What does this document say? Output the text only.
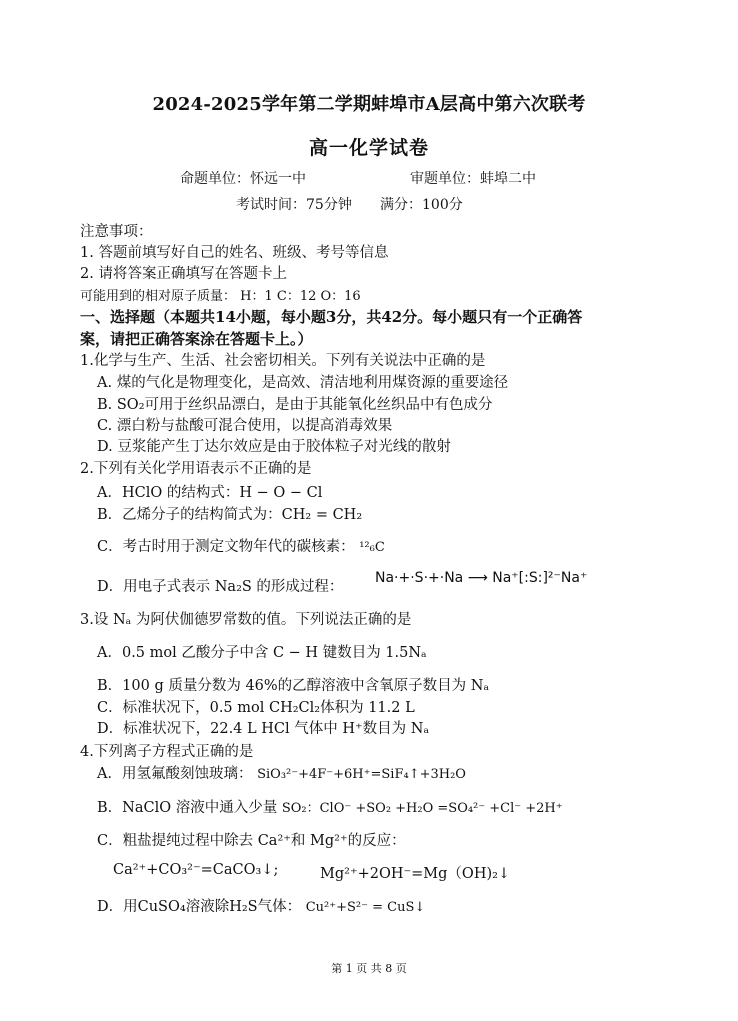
2024-2025学年第二学期蚌埠市A层高中第六次联考
高一化学试卷
命题单位：怀远一中	审题单位：蚌埠二中
考试时间：75分钟 满分：100分
注意事项：
1. 答题前填写好自己的姓名、班级、考号等信息
2. 请将答案正确填写在答题卡上
可能用到的相对原子质量： H：1 C：12 O：16
一、选择题（本题共14小题，每小题3分，共42分。每小题只有一个正确答
案，请把正确答案涂在答题卡上。）
1.化学与生产、生活、社会密切相关。下列有关说法中正确的是
A. 煤的气化是物理变化，是高效、清洁地利用煤资源的重要途径
B. SO₂可用于丝织品漂白，是由于其能氧化丝织品中有色成分
C. 漂白粉与盐酸可混合使用，以提高消毒效果
D. 豆浆能产生丁达尔效应是由于胶体粒子对光线的散射
2.下列有关化学用语表示不正确的是
A．HClO 的结构式：H − O − Cl
B．乙烯分子的结构简式为：CH₂ = CH₂
C．考古时用于测定文物年代的碳核素： ¹²₆C
D．用电子式表示 Na₂S 的形成过程：
Na·+·S·+·Na ⟶ Na⁺[:S:]²⁻Na⁺
3.设 Nₐ 为阿伏伽德罗常数的值。下列说法正确的是
A．0.5 mol 乙酸分子中含 C − H 键数目为 1.5Nₐ
B．100 g 质量分数为 46%的乙醇溶液中含氧原子数目为 Nₐ
C．标准状况下，0.5 mol CH₂Cl₂体积为 11.2 L
D．标准状况下，22.4 L HCl 气体中 H⁺数目为 Nₐ
4.下列离子方程式正确的是
A．用氢氟酸刻蚀玻璃： SiO₃²⁻+4F⁻+6H⁺=SiF₄↑+3H₂O
B．NaClO 溶液中通入少量 SO₂：ClO⁻ +SO₂ +H₂O =SO₄²⁻ +Cl⁻ +2H⁺
C．粗盐提纯过程中除去 Ca²⁺和 Mg²⁺的反应：
Ca²⁺+CO₃²⁻=CaCO₃↓;	Mg²⁺+2OH⁻=Mg（OH)₂↓
D．用CuSO₄溶液除H₂S气体： Cu²⁺+S²⁻ = CuS↓
第 1 页 共 8 页
